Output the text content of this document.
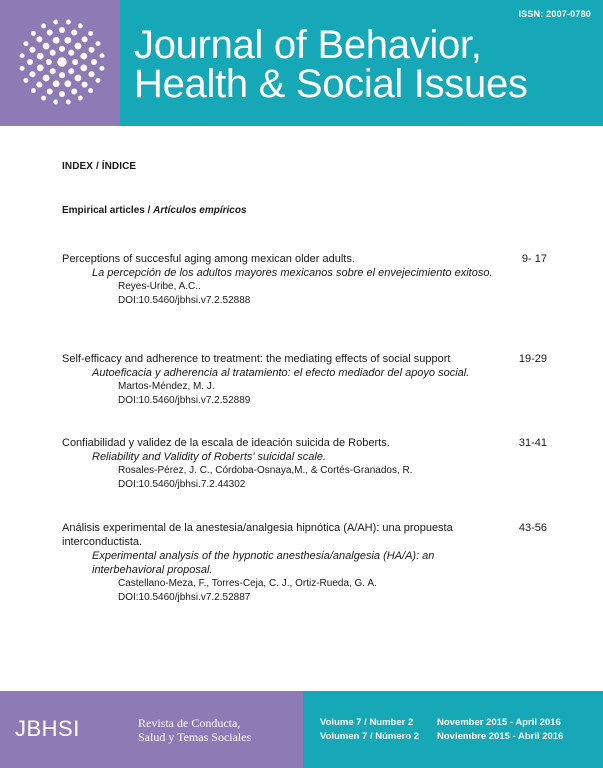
ISSN: 2007-0780
Journal of Behavior,
Health & Social Issues
INDEX / ÍNDICE
Empirical articles / Artículos empíricos
Perceptions of succesful aging among mexican older adults.
La percepción de los adultos mayores mexicanos sobre el envejecimiento exitoso.
Reyes-Uribe, A.C..
DOI:10.5460/jbhsi.v7.2.52888
9- 17
Self-efficacy and adherence to treatment: the mediating effects of social support
Autoeficacia y adherencia al tratamiento: el efecto mediador del apoyo social.
Martos-Méndez, M. J.
DOI:10.5460/jbhsi.v7.2.52889
19-29
Confiabilidad y validez de la escala de ideación suicida de Roberts.
Reliability and Validity of Roberts' suicidal scale.
Rosales-Pérez, J. C., Córdoba-Osnaya,M., & Cortés-Granados, R.
DOI:10.5460/jbhsi.7.2.44302
31-41
Análisis experimental de la anestesia/analgesia hipnótica (A/AH): una propuesta interconductista.
Experimental analysis of the hypnotic anesthesia/analgesia (HA/A): an interbehavioral proposal.
Castellano-Meza, F., Torres-Ceja, C. J., Ortiz-Rueda, G. A.
DOI:10.5460/jbhsi.v7.2.52887
43-56
JBHSI	Revista de Conducta,
Salud y Temas Sociales
Volume 7 / Number 2
Volumen 7 / Número 2
November 2015 - April 2016
Noviembre 2015 - Abril 2016
